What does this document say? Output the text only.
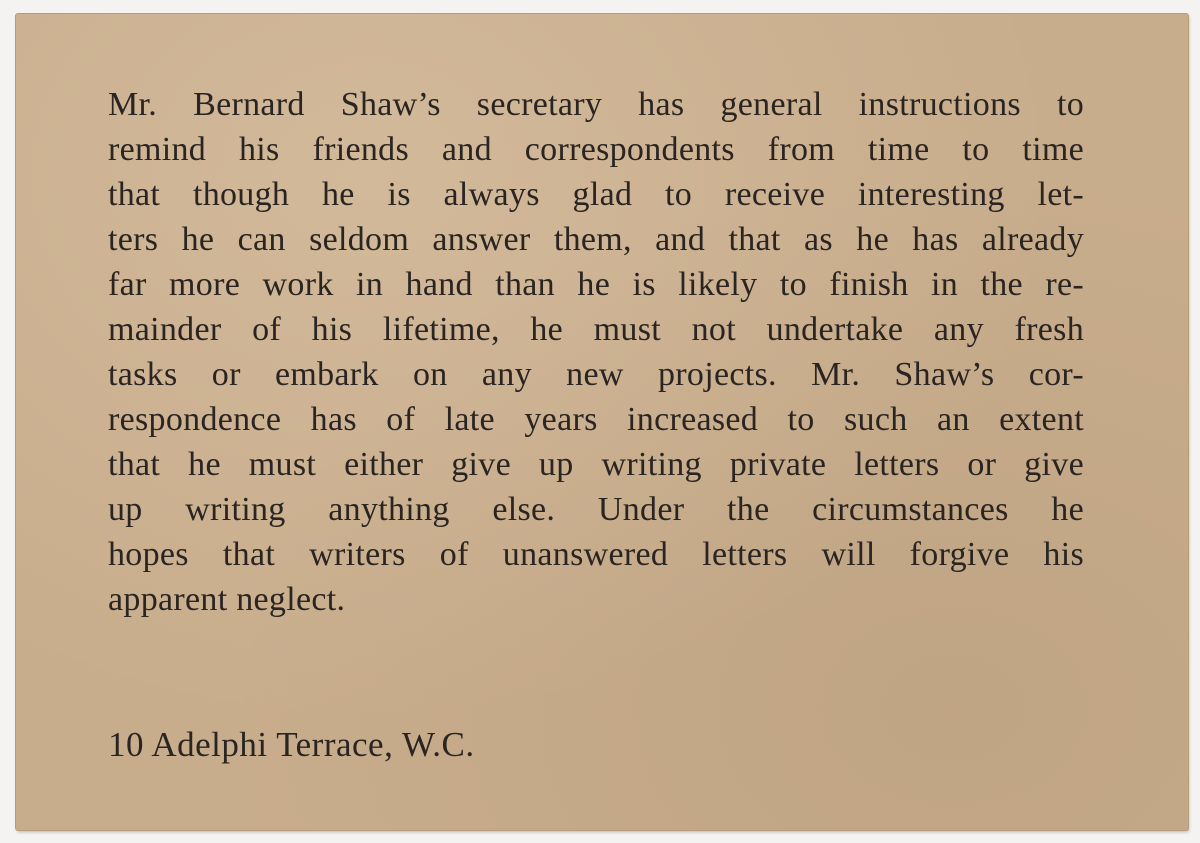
Mr. Bernard Shaw’s secretary has general instructions to

remind his friends and correspondents from time to time

that though he is always glad to receive interesting let-

ters he can seldom answer them, and that as he has already

far more work in hand than he is likely to finish in the re-

mainder of his lifetime, he must not undertake any fresh

tasks or embark on any new projects. Mr. Shaw’s cor-

respondence has of late years increased to such an extent

that he must either give up writing private letters or give

up writing anything else. Under the circumstances he

hopes that writers of unanswered letters will forgive his

apparent neglect.

10 Adelphi Terrace, W.C.
